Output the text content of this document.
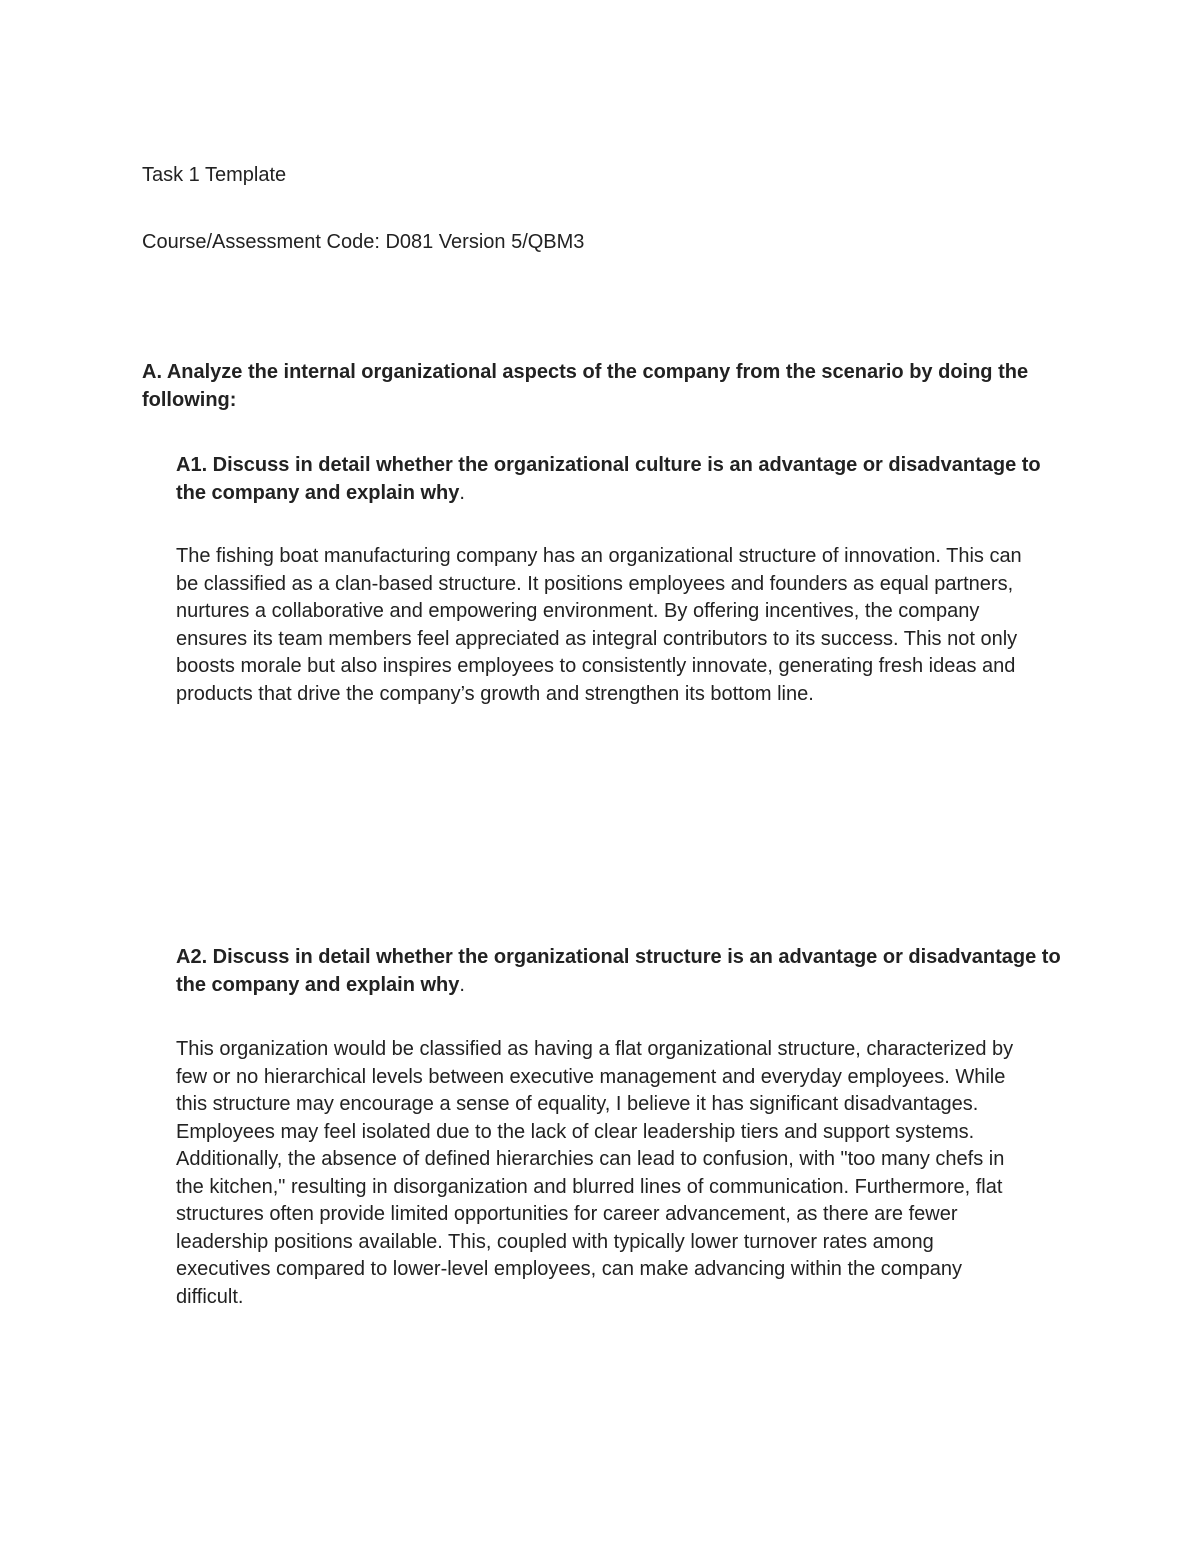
Task 1 Template

Course/Assessment Code: D081 Version 5/QBM3

A. Analyze the internal organizational aspects of the company from the scenario by doing the following:

A1. Discuss in detail whether the organizational culture is an advantage or disadvantage to the company and explain why.

The fishing boat manufacturing company has an organizational structure of innovation. This can
be classified as a clan-based structure. It positions employees and founders as equal partners,
nurtures a collaborative and empowering environment. By offering incentives, the company
ensures its team members feel appreciated as integral contributors to its success. This not only
boosts morale but also inspires employees to consistently innovate, generating fresh ideas and
products that drive the company’s growth and strengthen its bottom line.

A2. Discuss in detail whether the organizational structure is an advantage or disadvantage to the company and explain why.

This organization would be classified as having a flat organizational structure, characterized by
few or no hierarchical levels between executive management and everyday employees. While
this structure may encourage a sense of equality, I believe it has significant disadvantages.
Employees may feel isolated due to the lack of clear leadership tiers and support systems.
Additionally, the absence of defined hierarchies can lead to confusion, with "too many chefs in
the kitchen," resulting in disorganization and blurred lines of communication. Furthermore, flat
structures often provide limited opportunities for career advancement, as there are fewer
leadership positions available. This, coupled with typically lower turnover rates among
executives compared to lower-level employees, can make advancing within the company
difficult.
